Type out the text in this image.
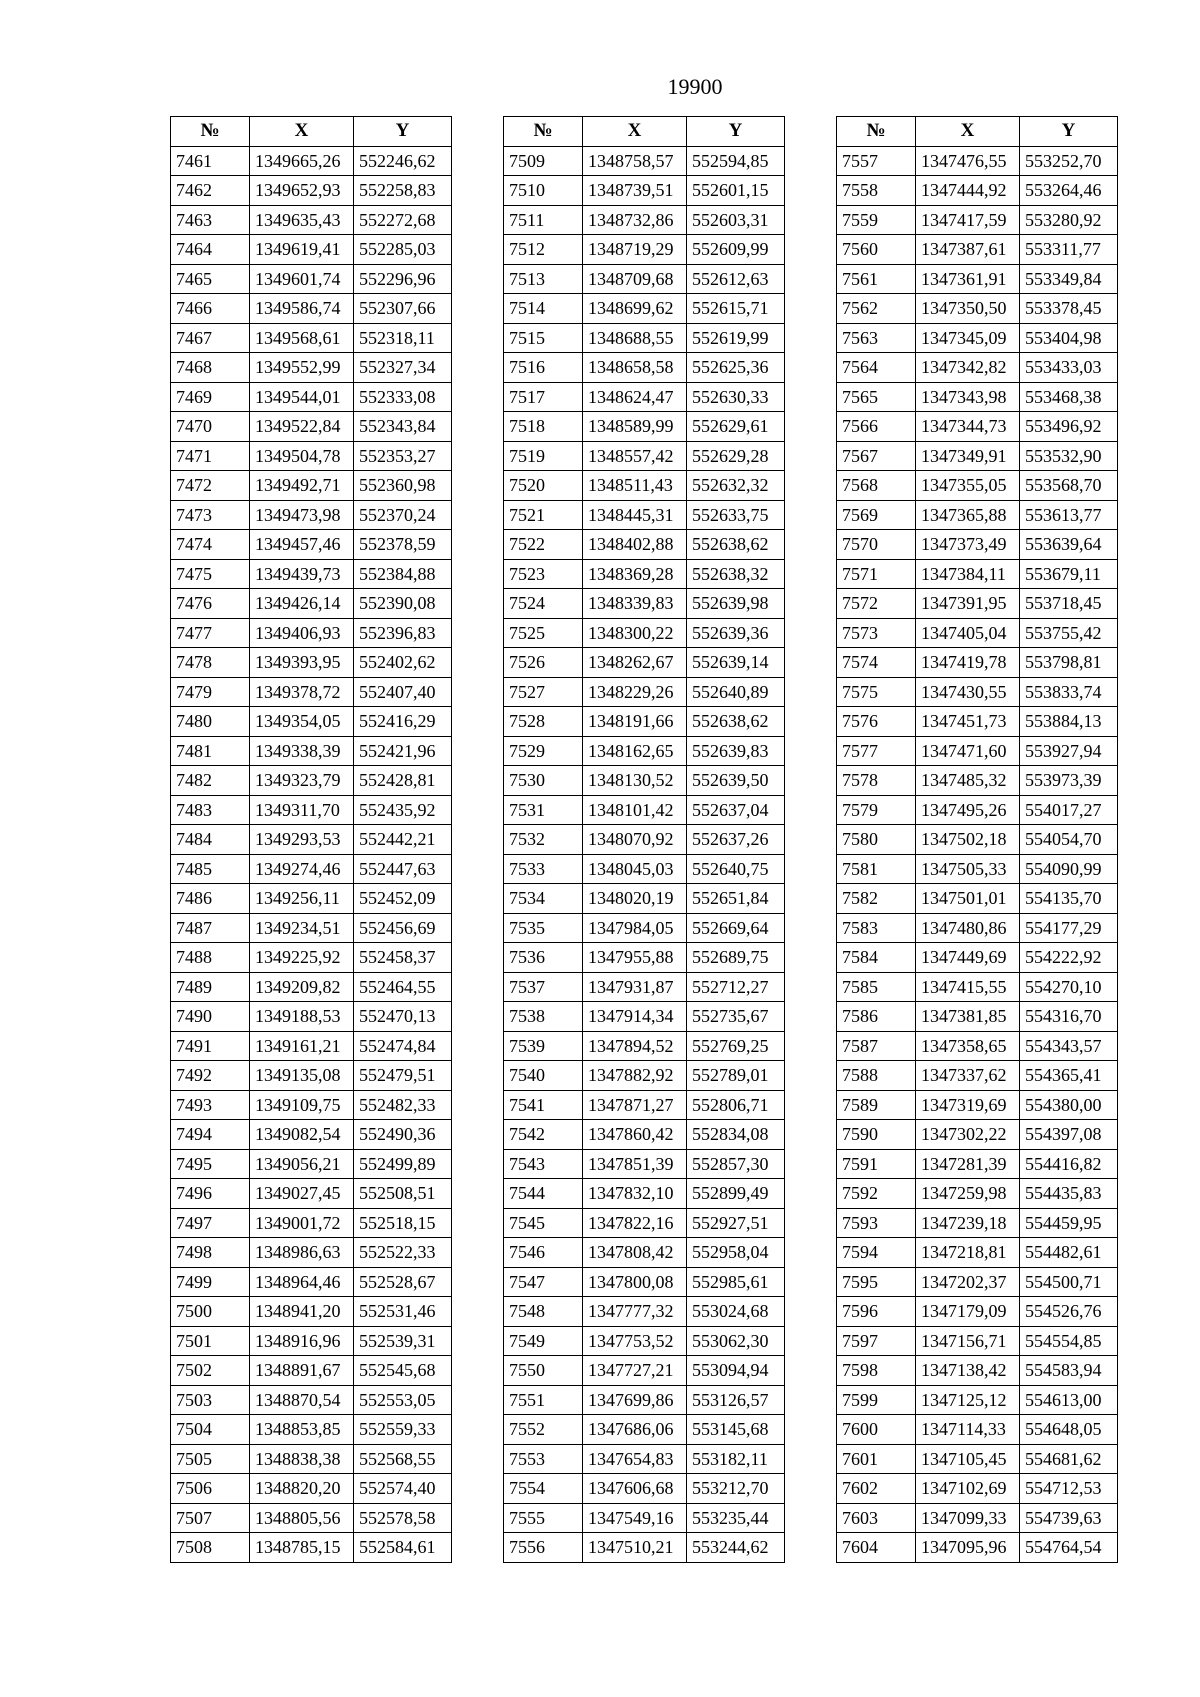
19900
№	X	Y
7461	1349665,26	552246,62
7462	1349652,93	552258,83
7463	1349635,43	552272,68
7464	1349619,41	552285,03
7465	1349601,74	552296,96
7466	1349586,74	552307,66
7467	1349568,61	552318,11
7468	1349552,99	552327,34
7469	1349544,01	552333,08
7470	1349522,84	552343,84
7471	1349504,78	552353,27
7472	1349492,71	552360,98
7473	1349473,98	552370,24
7474	1349457,46	552378,59
7475	1349439,73	552384,88
7476	1349426,14	552390,08
7477	1349406,93	552396,83
7478	1349393,95	552402,62
7479	1349378,72	552407,40
7480	1349354,05	552416,29
7481	1349338,39	552421,96
7482	1349323,79	552428,81
7483	1349311,70	552435,92
7484	1349293,53	552442,21
7485	1349274,46	552447,63
7486	1349256,11	552452,09
7487	1349234,51	552456,69
7488	1349225,92	552458,37
7489	1349209,82	552464,55
7490	1349188,53	552470,13
7491	1349161,21	552474,84
7492	1349135,08	552479,51
7493	1349109,75	552482,33
7494	1349082,54	552490,36
7495	1349056,21	552499,89
7496	1349027,45	552508,51
7497	1349001,72	552518,15
7498	1348986,63	552522,33
7499	1348964,46	552528,67
7500	1348941,20	552531,46
7501	1348916,96	552539,31
7502	1348891,67	552545,68
7503	1348870,54	552553,05
7504	1348853,85	552559,33
7505	1348838,38	552568,55
7506	1348820,20	552574,40
7507	1348805,56	552578,58
7508	1348785,15	552584,61
№	X	Y
7509	1348758,57	552594,85
7510	1348739,51	552601,15
7511	1348732,86	552603,31
7512	1348719,29	552609,99
7513	1348709,68	552612,63
7514	1348699,62	552615,71
7515	1348688,55	552619,99
7516	1348658,58	552625,36
7517	1348624,47	552630,33
7518	1348589,99	552629,61
7519	1348557,42	552629,28
7520	1348511,43	552632,32
7521	1348445,31	552633,75
7522	1348402,88	552638,62
7523	1348369,28	552638,32
7524	1348339,83	552639,98
7525	1348300,22	552639,36
7526	1348262,67	552639,14
7527	1348229,26	552640,89
7528	1348191,66	552638,62
7529	1348162,65	552639,83
7530	1348130,52	552639,50
7531	1348101,42	552637,04
7532	1348070,92	552637,26
7533	1348045,03	552640,75
7534	1348020,19	552651,84
7535	1347984,05	552669,64
7536	1347955,88	552689,75
7537	1347931,87	552712,27
7538	1347914,34	552735,67
7539	1347894,52	552769,25
7540	1347882,92	552789,01
7541	1347871,27	552806,71
7542	1347860,42	552834,08
7543	1347851,39	552857,30
7544	1347832,10	552899,49
7545	1347822,16	552927,51
7546	1347808,42	552958,04
7547	1347800,08	552985,61
7548	1347777,32	553024,68
7549	1347753,52	553062,30
7550	1347727,21	553094,94
7551	1347699,86	553126,57
7552	1347686,06	553145,68
7553	1347654,83	553182,11
7554	1347606,68	553212,70
7555	1347549,16	553235,44
7556	1347510,21	553244,62
№	X	Y
7557	1347476,55	553252,70
7558	1347444,92	553264,46
7559	1347417,59	553280,92
7560	1347387,61	553311,77
7561	1347361,91	553349,84
7562	1347350,50	553378,45
7563	1347345,09	553404,98
7564	1347342,82	553433,03
7565	1347343,98	553468,38
7566	1347344,73	553496,92
7567	1347349,91	553532,90
7568	1347355,05	553568,70
7569	1347365,88	553613,77
7570	1347373,49	553639,64
7571	1347384,11	553679,11
7572	1347391,95	553718,45
7573	1347405,04	553755,42
7574	1347419,78	553798,81
7575	1347430,55	553833,74
7576	1347451,73	553884,13
7577	1347471,60	553927,94
7578	1347485,32	553973,39
7579	1347495,26	554017,27
7580	1347502,18	554054,70
7581	1347505,33	554090,99
7582	1347501,01	554135,70
7583	1347480,86	554177,29
7584	1347449,69	554222,92
7585	1347415,55	554270,10
7586	1347381,85	554316,70
7587	1347358,65	554343,57
7588	1347337,62	554365,41
7589	1347319,69	554380,00
7590	1347302,22	554397,08
7591	1347281,39	554416,82
7592	1347259,98	554435,83
7593	1347239,18	554459,95
7594	1347218,81	554482,61
7595	1347202,37	554500,71
7596	1347179,09	554526,76
7597	1347156,71	554554,85
7598	1347138,42	554583,94
7599	1347125,12	554613,00
7600	1347114,33	554648,05
7601	1347105,45	554681,62
7602	1347102,69	554712,53
7603	1347099,33	554739,63
7604	1347095,96	554764,54
